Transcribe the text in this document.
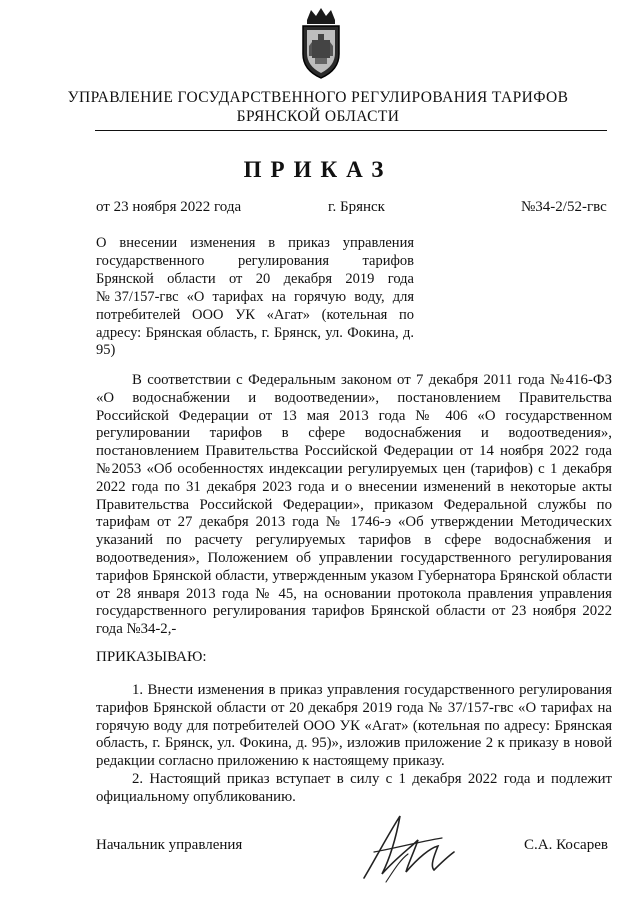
УПРАВЛЕНИЕ ГОСУДАРСТВЕННОГО РЕГУЛИРОВАНИЯ ТАРИФОВ
БРЯНСКОЙ ОБЛАСТИ
ПРИКАЗ
от 23 ноября 2022 года	г. Брянск	№34-2/52-гвс
О внесении изменения в приказ управления государственного регулирования тарифов Брянской области от 20 декабря 2019 года №37/157-гвс «О тарифах на горячую воду, для потребителей ООО УК «Агат» (котельная по адресу: Брянская область, г. Брянск, ул. Фокина, д. 95)
В соответствии с Федеральным законом от 7 декабря 2011 года №416-ФЗ «О водоснабжении и водоотведении», постановлением Правительства Российской Федерации от 13 мая 2013 года № 406 «О государственном регулировании тарифов в сфере водоснабжения и водоотведения», постановлением Правительства Российской Федерации от 14 ноября 2022 года №2053 «Об особенностях индексации регулируемых цен (тарифов) с 1 декабря 2022 года по 31 декабря 2023 года и о внесении изменений в некоторые акты Правительства Российской Федерации», приказом Федеральной службы по тарифам от 27 декабря 2013 года № 1746-э «Об утверждении Методических указаний по расчету регулируемых тарифов в сфере водоснабжения и водоотведения», Положением об управлении государственного регулирования тарифов Брянской области, утвержденным указом Губернатора Брянской области от 28 января 2013 года № 45, на основании протокола правления управления государственного регулирования тарифов Брянской области от 23 ноября 2022 года №34-2,-
ПРИКАЗЫВАЮ:
1. Внести изменения в приказ управления государственного регулирования тарифов Брянской области от 20 декабря 2019 года № 37/157-гвс «О тарифах на горячую воду для потребителей ООО УК «Агат» (котельная по адресу: Брянская область, г. Брянск, ул. Фокина, д. 95)», изложив приложение 2 к приказу в новой редакции согласно приложению к настоящему приказу.
2. Настоящий приказ вступает в силу с 1 декабря 2022 года и подлежит официальному опубликованию.
Начальник управления	С.А. Косарев
